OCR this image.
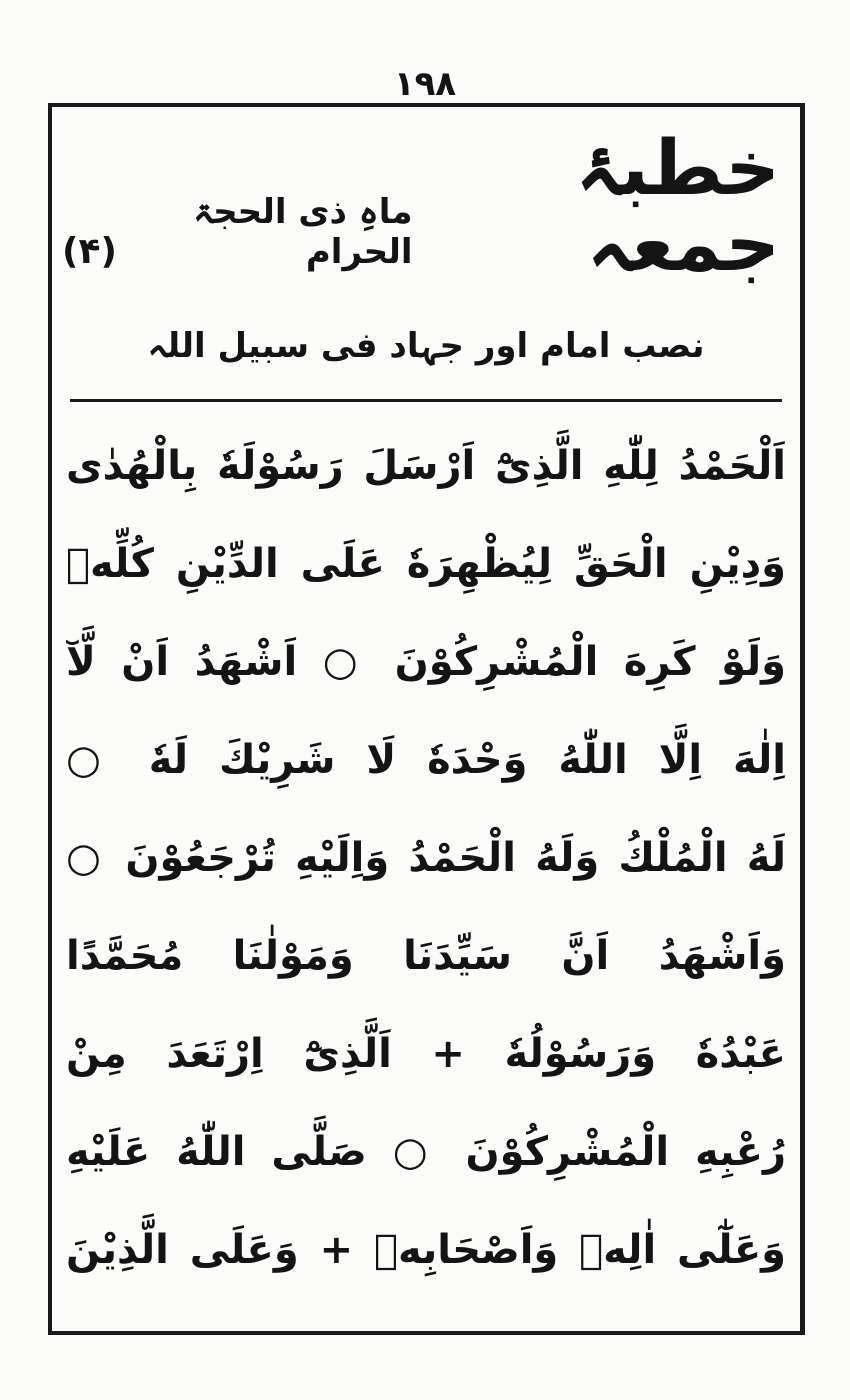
۱۹۸
خطبۂ جمعہ
ماہِ ذی الحجۃ الحرام
(۴)
نصب امام اور جہاد فی سبیل اللہ
اَلْحَمْدُ لِلّٰهِ الَّذِیْٓ اَرْسَلَ رَسُوْلَهٗ بِالْهُدٰی
وَدِیْنِ الْحَقِّ لِیُظْهِرَهٗ عَلَی الدِّیْنِ کُلِّهٖ
وَلَوْ کَرِهَ الْمُشْرِکُوْنَ ○ اَشْهَدُ اَنْ لَّآ
اِلٰهَ اِلَّا اللّٰهُ وَحْدَهٗ لَا شَرِیْكَ لَهٗ ○
لَهُ الْمُلْكُ وَلَهُ الْحَمْدُ وَاِلَیْهِ تُرْجَعُوْنَ ○
وَاَشْهَدُ اَنَّ سَیِّدَنَا وَمَوْلٰنَا مُحَمَّدًا
عَبْدُهٗ وَرَسُوْلُهٗ + اَلَّذِیْٓ اِرْتَعَدَ مِنْ
رُعْبِهِ الْمُشْرِکُوْنَ ○ صَلَّی اللّٰهُ عَلَیْهِ
وَعَلٰٓی اٰلِهٖ وَاَصْحَابِهٖ + وَعَلَی الَّذِیْنَ
